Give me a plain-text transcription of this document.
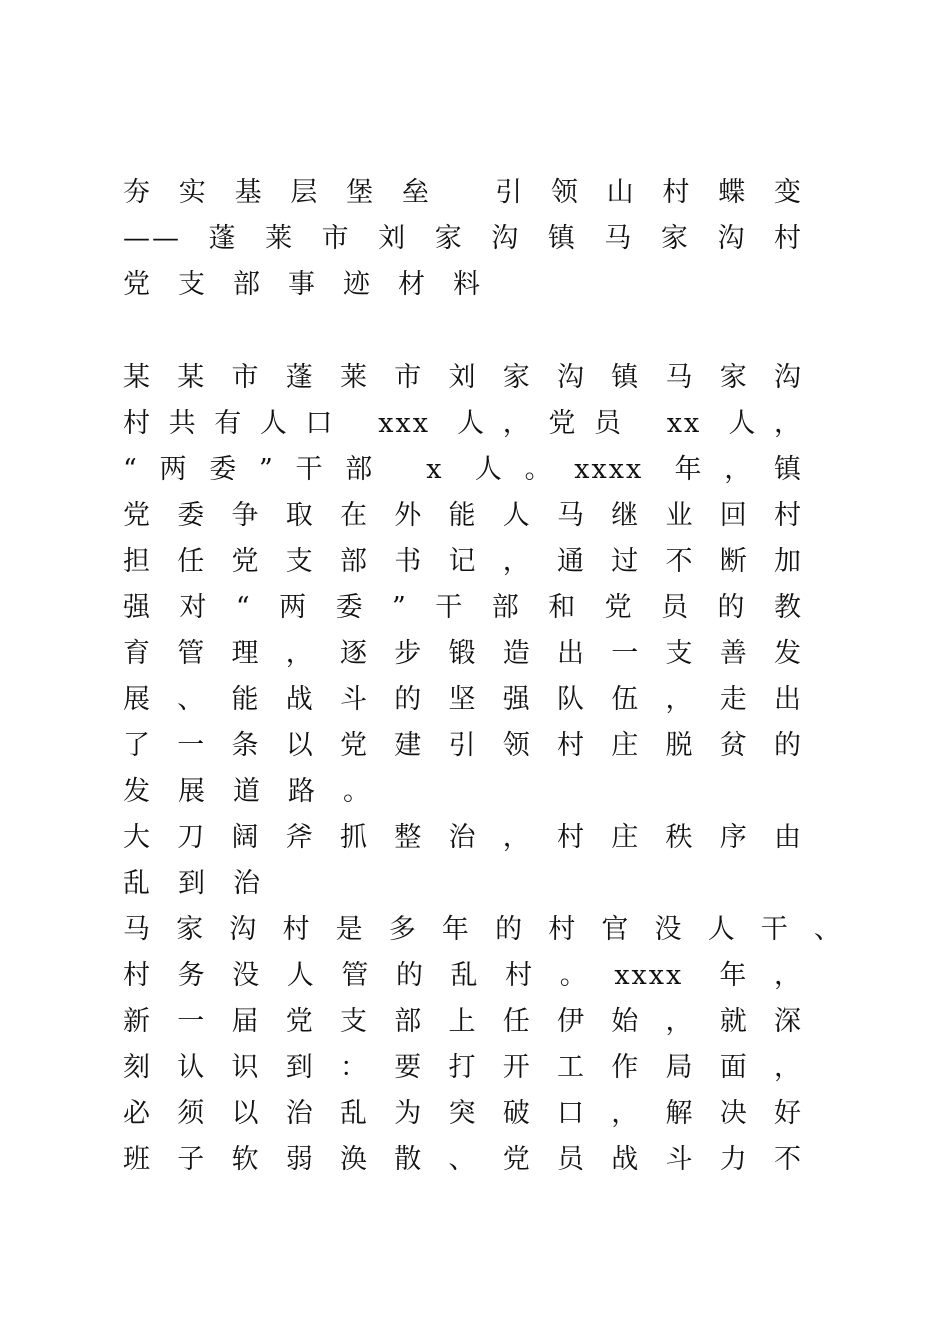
夯实基层堡垒 引领山村蝶变
——蓬莱市刘家沟镇马家沟村
党支部事迹材料
某某市蓬莱市刘家沟镇马家沟
村共有人口 xxx 人，党员 xx 人，
“两委”干部 x 人。xxxx 年，镇
党委争取在外能人马继业回村
担任党支部书记，通过不断加
强对“两委”干部和党员的教
育管理，逐步锻造出一支善发
展、能战斗的坚强队伍，走出
了一条以党建引领村庄脱贫的
发展道路。
大刀阔斧抓整治，村庄秩序由
乱到治
马家沟村是多年的村官没人干、
村务没人管的乱村。xxxx 年，
新一届党支部上任伊始，就深
刻认识到：要打开工作局面，
必须以治乱为突破口，解决好
班子软弱涣散、党员战斗力不
